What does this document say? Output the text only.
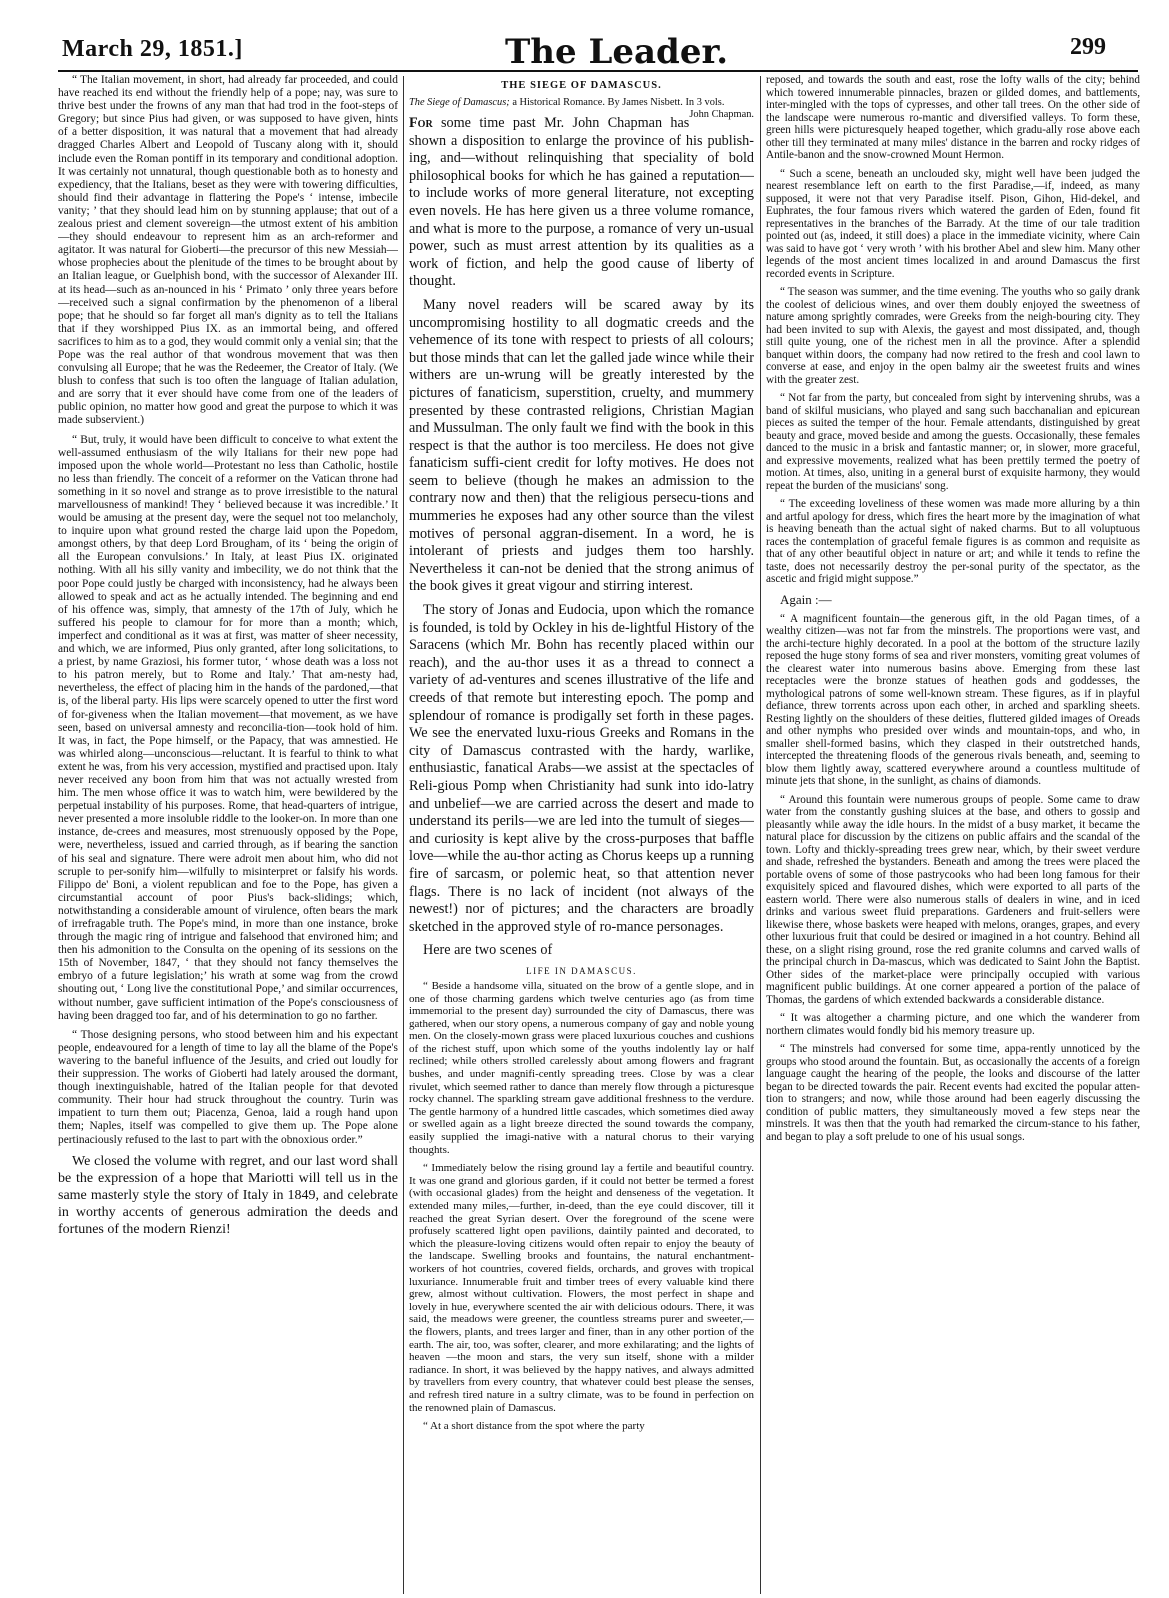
March 29, 1851.]	The Leader.	299

“ The Italian movement, in short, had already far proceeded, and could have reached its end without the friendly help of a pope; nay, was sure to thrive best under the frowns of any man that had trod in the foot-steps of Gregory; but since Pius had given, or was supposed to have given, hints of a better disposition, it was natural that a movement that had already dragged Charles Albert and Leopold of Tuscany along with it, should include even the Roman pontiff in its temporary and conditional adoption. It was certainly not unnatural, though questionable both as to honesty and expediency, that the Italians, beset as they were with towering difficulties, should find their advantage in flattering the Pope's ‘ intense, imbecile vanity; ’ that they should lead him on by stunning applause; that out of a zealous priest and clement sovereign—the utmost extent of his ambition—they should endeavour to represent him as an arch-reformer and agitator. It was natural for Gioberti—the precursor of this new Messiah—whose prophecies about the plenitude of the times to be brought about by an Italian league, or Guelphish bond, with the successor of Alexander III. at its head—such as an-nounced in his ‘ Primato ’ only three years before—received such a signal confirmation by the phenomenon of a liberal pope; that he should so far forget all man's dignity as to tell the Italians that if they worshipped Pius IX. as an immortal being, and offered sacrifices to him as to a god, they would commit only a venial sin; that the Pope was the real author of that wondrous movement that was then convulsing all Europe; that he was the Redeemer, the Creator of Italy. (We blush to confess that such is too often the language of Italian adulation, and are sorry that it ever should have come from one of the leaders of public opinion, no matter how good and great the purpose to which it was made subservient.)

“ But, truly, it would have been difficult to conceive to what extent the well-assumed enthusiasm of the wily Italians for their new pope had imposed upon the whole world—Protestant no less than Catholic, hostile no less than friendly. The conceit of a reformer on the Vatican throne had something in it so novel and strange as to prove irresistible to the natural marvellousness of mankind! They ‘ believed because it was incredible.’ It would be amusing at the present day, were the sequel not too melancholy, to inquire upon what ground rested the charge laid upon the Popedom, amongst others, by that deep Lord Brougham, of its ‘ being the origin of all the European convulsions.’ In Italy, at least Pius IX. originated nothing. With all his silly vanity and imbecility, we do not think that the poor Pope could justly be charged with inconsistency, had he always been allowed to speak and act as he actually intended. The beginning and end of his offence was, simply, that amnesty of the 17th of July, which he suffered his people to clamour for for more than a month; which, imperfect and conditional as it was at first, was matter of sheer necessity, and which, we are informed, Pius only granted, after long solicitations, to a priest, by name Graziosi, his former tutor, ‘ whose death was a loss not to his patron merely, but to Rome and Italy.’ That am-nesty had, nevertheless, the effect of placing him in the hands of the pardoned,—that is, of the liberal party. His lips were scarcely opened to utter the first word of for-giveness when the Italian movement—that movement, as we have seen, based on universal amnesty and reconcilia-tion—took hold of him. It was, in fact, the Pope himself, or the Papacy, that was amnestied. He was whirled along—unconscious—reluctant. It is fearful to think to what extent he was, from his very accession, mystified and practised upon. Italy never received any boon from him that was not actually wrested from him. The men whose office it was to watch him, were bewildered by the perpetual instability of his purposes. Rome, that head-quarters of intrigue, never presented a more insoluble riddle to the looker-on. In more than one instance, de-crees and measures, most strenuously opposed by the Pope, were, nevertheless, issued and carried through, as if bearing the sanction of his seal and signature. There were adroit men about him, who did not scruple to per-sonify him—wilfully to misinterpret or falsify his words. Filippo de' Boni, a violent republican and foe to the Pope, has given a circumstantial account of poor Pius's back-slidings; which, notwithstanding a considerable amount of virulence, often bears the mark of irrefragable truth. The Pope's mind, in more than one instance, broke through the magic ring of intrigue and falsehood that environed him; and then his admonition to the Consulta on the opening of its sessions on the 15th of November, 1847, ‘ that they should not fancy themselves the embryo of a future legislation;’ his wrath at some wag from the crowd shouting out, ‘ Long live the constitutional Pope,’ and similar occurrences, without number, gave sufficient intimation of the Pope's consciousness of having been dragged too far, and of his determination to go no farther.

“ Those designing persons, who stood between him and his expectant people, endeavoured for a length of time to lay all the blame of the Pope's wavering to the baneful influence of the Jesuits, and cried out loudly for their suppression. The works of Gioberti had lately aroused the dormant, though inextinguishable, hatred of the Italian people for that devoted community. Their hour had struck throughout the country. Turin was impatient to turn them out; Piacenza, Genoa, laid a rough hand upon them; Naples, itself was compelled to give them up. The Pope alone pertinaciously refused to the last to part with the obnoxious order.”

We closed the volume with regret, and our last word shall be the expression of a hope that Mariotti will tell us in the same masterly style the story of Italy in 1849, and celebrate in worthy accents of generous admiration the deeds and fortunes of the modern Rienzi!

THE SIEGE OF DAMASCUS.

The Siege of Damascus; a Historical Romance. By James Nisbett. In 3 vols.
John Chapman.

For some time past Mr. John Chapman has shown a disposition to enlarge the province of his publish-ing, and—without relinquishing that speciality of bold philosophical books for which he has gained a reputation—to include works of more general literature, not excepting even novels. He has here given us a three volume romance, and what is more to the purpose, a romance of very un-usual power, such as must arrest attention by its qualities as a work of fiction, and help the good cause of liberty of thought.

Many novel readers will be scared away by its uncompromising hostility to all dogmatic creeds and the vehemence of its tone with respect to priests of all colours; but those minds that can let the galled jade wince while their withers are un-wrung will be greatly interested by the pictures of fanaticism, superstition, cruelty, and mummery presented by these contrasted religions, Christian Magian and Mussulman. The only fault we find with the book in this respect is that the author is too merciless. He does not give fanaticism suffi-cient credit for lofty motives. He does not seem to believe (though he makes an admission to the contrary now and then) that the religious persecu-tions and mummeries he exposes had any other source than the vilest motives of personal aggran-disement. In a word, he is intolerant of priests and judges them too harshly. Nevertheless it can-not be denied that the strong animus of the book gives it great vigour and stirring interest.

The story of Jonas and Eudocia, upon which the romance is founded, is told by Ockley in his de-lightful History of the Saracens (which Mr. Bohn has recently placed within our reach), and the au-thor uses it as a thread to connect a variety of ad-ventures and scenes illustrative of the life and creeds of that remote but interesting epoch. The pomp and splendour of romance is prodigally set forth in these pages. We see the enervated luxu-rious Greeks and Romans in the city of Damascus contrasted with the hardy, warlike, enthusiastic, fanatical Arabs—we assist at the spectacles of Reli-gious Pomp when Christianity had sunk into ido-latry and unbelief—we are carried across the desert and made to understand its perils—we are led into the tumult of sieges—and curiosity is kept alive by the cross-purposes that baffle love—while the au-thor acting as Chorus keeps up a running fire of sarcasm, or polemic heat, so that attention never flags. There is no lack of incident (not always of the newest!) nor of pictures; and the characters are broadly sketched in the approved style of ro-mance personages.

Here are two scenes of

LIFE IN DAMASCUS.

“ Beside a handsome villa, situated on the brow of a gentle slope, and in one of those charming gardens which twelve centuries ago (as from time immemorial to the present day) surrounded the city of Damascus, there was gathered, when our story opens, a numerous company of gay and noble young men. On the closely-mown grass were placed luxurious couches and cushions of the richest stuff, upon which some of the youths indolently lay or half reclined; while others strolled carelessly about among flowers and fragrant bushes, and under magnifi-cently spreading trees. Close by was a clear rivulet, which seemed rather to dance than merely flow through a picturesque rocky channel. The sparkling stream gave additional freshness to the verdure. The gentle harmony of a hundred little cascades, which sometimes died away or swelled again as a light breeze directed the sound towards the company, easily supplied the imagi-native with a natural chorus to their varying thoughts.

“ Immediately below the rising ground lay a fertile and beautiful country. It was one grand and glorious garden, if it could not better be termed a forest (with occasional glades) from the height and denseness of the vegetation. It extended many miles,—further, in-deed, than the eye could discover, till it reached the great Syrian desert. Over the foreground of the scene were profusely scattered light open pavilions, daintily painted and decorated, to which the pleasure-loving citizens would often repair to enjoy the beauty of the landscape. Swelling brooks and fountains, the natural enchantment-workers of hot countries, covered fields, orchards, and groves with tropical luxuriance. Innumerable fruit and timber trees of every valuable kind there grew, almost without cultivation. Flowers, the most perfect in shape and lovely in hue, everywhere scented the air with delicious odours. There, it was said, the meadows were greener, the countless streams purer and sweeter,—the flowers, plants, and trees larger and finer, than in any other portion of the earth. The air, too, was softer, clearer, and more exhilarating; and the lights of heaven —the moon and stars, the very sun itself, shone with a milder radiance. In short, it was believed by the happy natives, and always admitted by travellers from every country, that whatever could best please the senses, and refresh tired nature in a sultry climate, was to be found in perfection on the renowned plain of Damascus.

“ At a short distance from the spot where the party

reposed, and towards the south and east, rose the lofty walls of the city; behind which towered innumerable pinnacles, brazen or gilded domes, and battlements, inter-mingled with the tops of cypresses, and other tall trees. On the other side of the landscape were numerous ro-mantic and diversified valleys. To form these, green hills were picturesquely heaped together, which gradu-ally rose above each other till they terminated at many miles' distance in the barren and rocky ridges of Antile-banon and the snow-crowned Mount Hermon.

“ Such a scene, beneath an unclouded sky, might well have been judged the nearest resemblance left on earth to the first Paradise,—if, indeed, as many supposed, it were not that very Paradise itself. Pison, Gihon, Hid-dekel, and Euphrates, the four famous rivers which watered the garden of Eden, found fit representatives in the branches of the Barrady. At the time of our tale tradition pointed out (as, indeed, it still does) a place in the immediate vicinity, where Cain was said to have got ‘ very wroth ’ with his brother Abel and slew him. Many other legends of the most ancient times localized in and around Damascus the first recorded events in Scripture.

“ The season was summer, and the time evening. The youths who so gaily drank the coolest of delicious wines, and over them doubly enjoyed the sweetness of nature among sprightly comrades, were Greeks from the neigh-bouring city. They had been invited to sup with Alexis, the gayest and most dissipated, and, though still quite young, one of the richest men in all the province. After a splendid banquet within doors, the company had now retired to the fresh and cool lawn to converse at ease, and enjoy in the open balmy air the sweetest fruits and wines with the greater zest.

“ Not far from the party, but concealed from sight by intervening shrubs, was a band of skilful musicians, who played and sang such bacchanalian and epicurean pieces as suited the temper of the hour. Female attendants, distinguished by great beauty and grace, moved beside and among the guests. Occasionally, these females danced to the music in a brisk and fantastic manner; or, in slower, more graceful, and expressive movements, realized what has been prettily termed the poetry of motion. At times, also, uniting in a general burst of exquisite harmony, they would repeat the burden of the musicians' song.

“ The exceeding loveliness of these women was made more alluring by a thin and artful apology for dress, which fires the heart more by the imagination of what is heaving beneath than the actual sight of naked charms. But to all voluptuous races the contemplation of graceful female figures is as common and requisite as that of any other beautiful object in nature or art; and while it tends to refine the taste, does not necessarily destroy the per-sonal purity of the spectator, as the ascetic and frigid might suppose.”

Again :—

“ A magnificent fountain—the generous gift, in the old Pagan times, of a wealthy citizen—was not far from the minstrels. The proportions were vast, and the archi-tecture highly decorated. In a pool at the bottom of the structure lazily reposed the huge stony forms of sea and river monsters, vomiting great volumes of the clearest water into numerous basins above. Emerging from these last receptacles were the bronze statues of heathen gods and goddesses, the mythological patrons of some well-known stream. These figures, as if in playful defiance, threw torrents across upon each other, in arched and sparkling sheets. Resting lightly on the shoulders of these deities, fluttered gilded images of Oreads and other nymphs who presided over winds and mountain-tops, and who, in smaller shell-formed basins, which they clasped in their outstretched hands, intercepted the threatening floods of the generous rivals beneath, and, seeming to blow them lightly away, scattered everywhere around a countless multitude of minute jets that shone, in the sunlight, as chains of diamonds.

“ Around this fountain were numerous groups of people. Some came to draw water from the constantly gushing sluices at the base, and others to gossip and pleasantly while away the idle hours. In the midst of a busy market, it became the natural place for discussion by the citizens on public affairs and the scandal of the town. Lofty and thickly-spreading trees grew near, which, by their sweet verdure and shade, refreshed the bystanders. Beneath and among the trees were placed the portable ovens of some of those pastrycooks who had been long famous for their exquisitely spiced and flavoured dishes, which were exported to all parts of the eastern world. There were also numerous stalls of dealers in wine, and in iced drinks and various sweet fluid preparations. Gardeners and fruit-sellers were likewise there, whose baskets were heaped with melons, oranges, grapes, and every other luxurious fruit that could be desired or imagined in a hot country. Behind all these, on a slight rising ground, rose the red granite columns and carved walls of the principal church in Da-mascus, which was dedicated to Saint John the Baptist. Other sides of the market-place were principally occupied with various magnificent public buildings. At one corner appeared a portion of the palace of Thomas, the gardens of which extended backwards a considerable distance.

“ It was altogether a charming picture, and one which the wanderer from northern climates would fondly bid his memory treasure up.

“ The minstrels had conversed for some time, appa-rently unnoticed by the groups who stood around the fountain. But, as occasionally the accents of a foreign language caught the hearing of the people, the looks and discourse of the latter began to be directed towards the pair. Recent events had excited the popular atten-tion to strangers; and now, while those around had been eagerly discussing the condition of public matters, they simultaneously moved a few steps near the minstrels. It was then that the youth had remarked the circum-stance to his father, and began to play a soft prelude to one of his usual songs.
